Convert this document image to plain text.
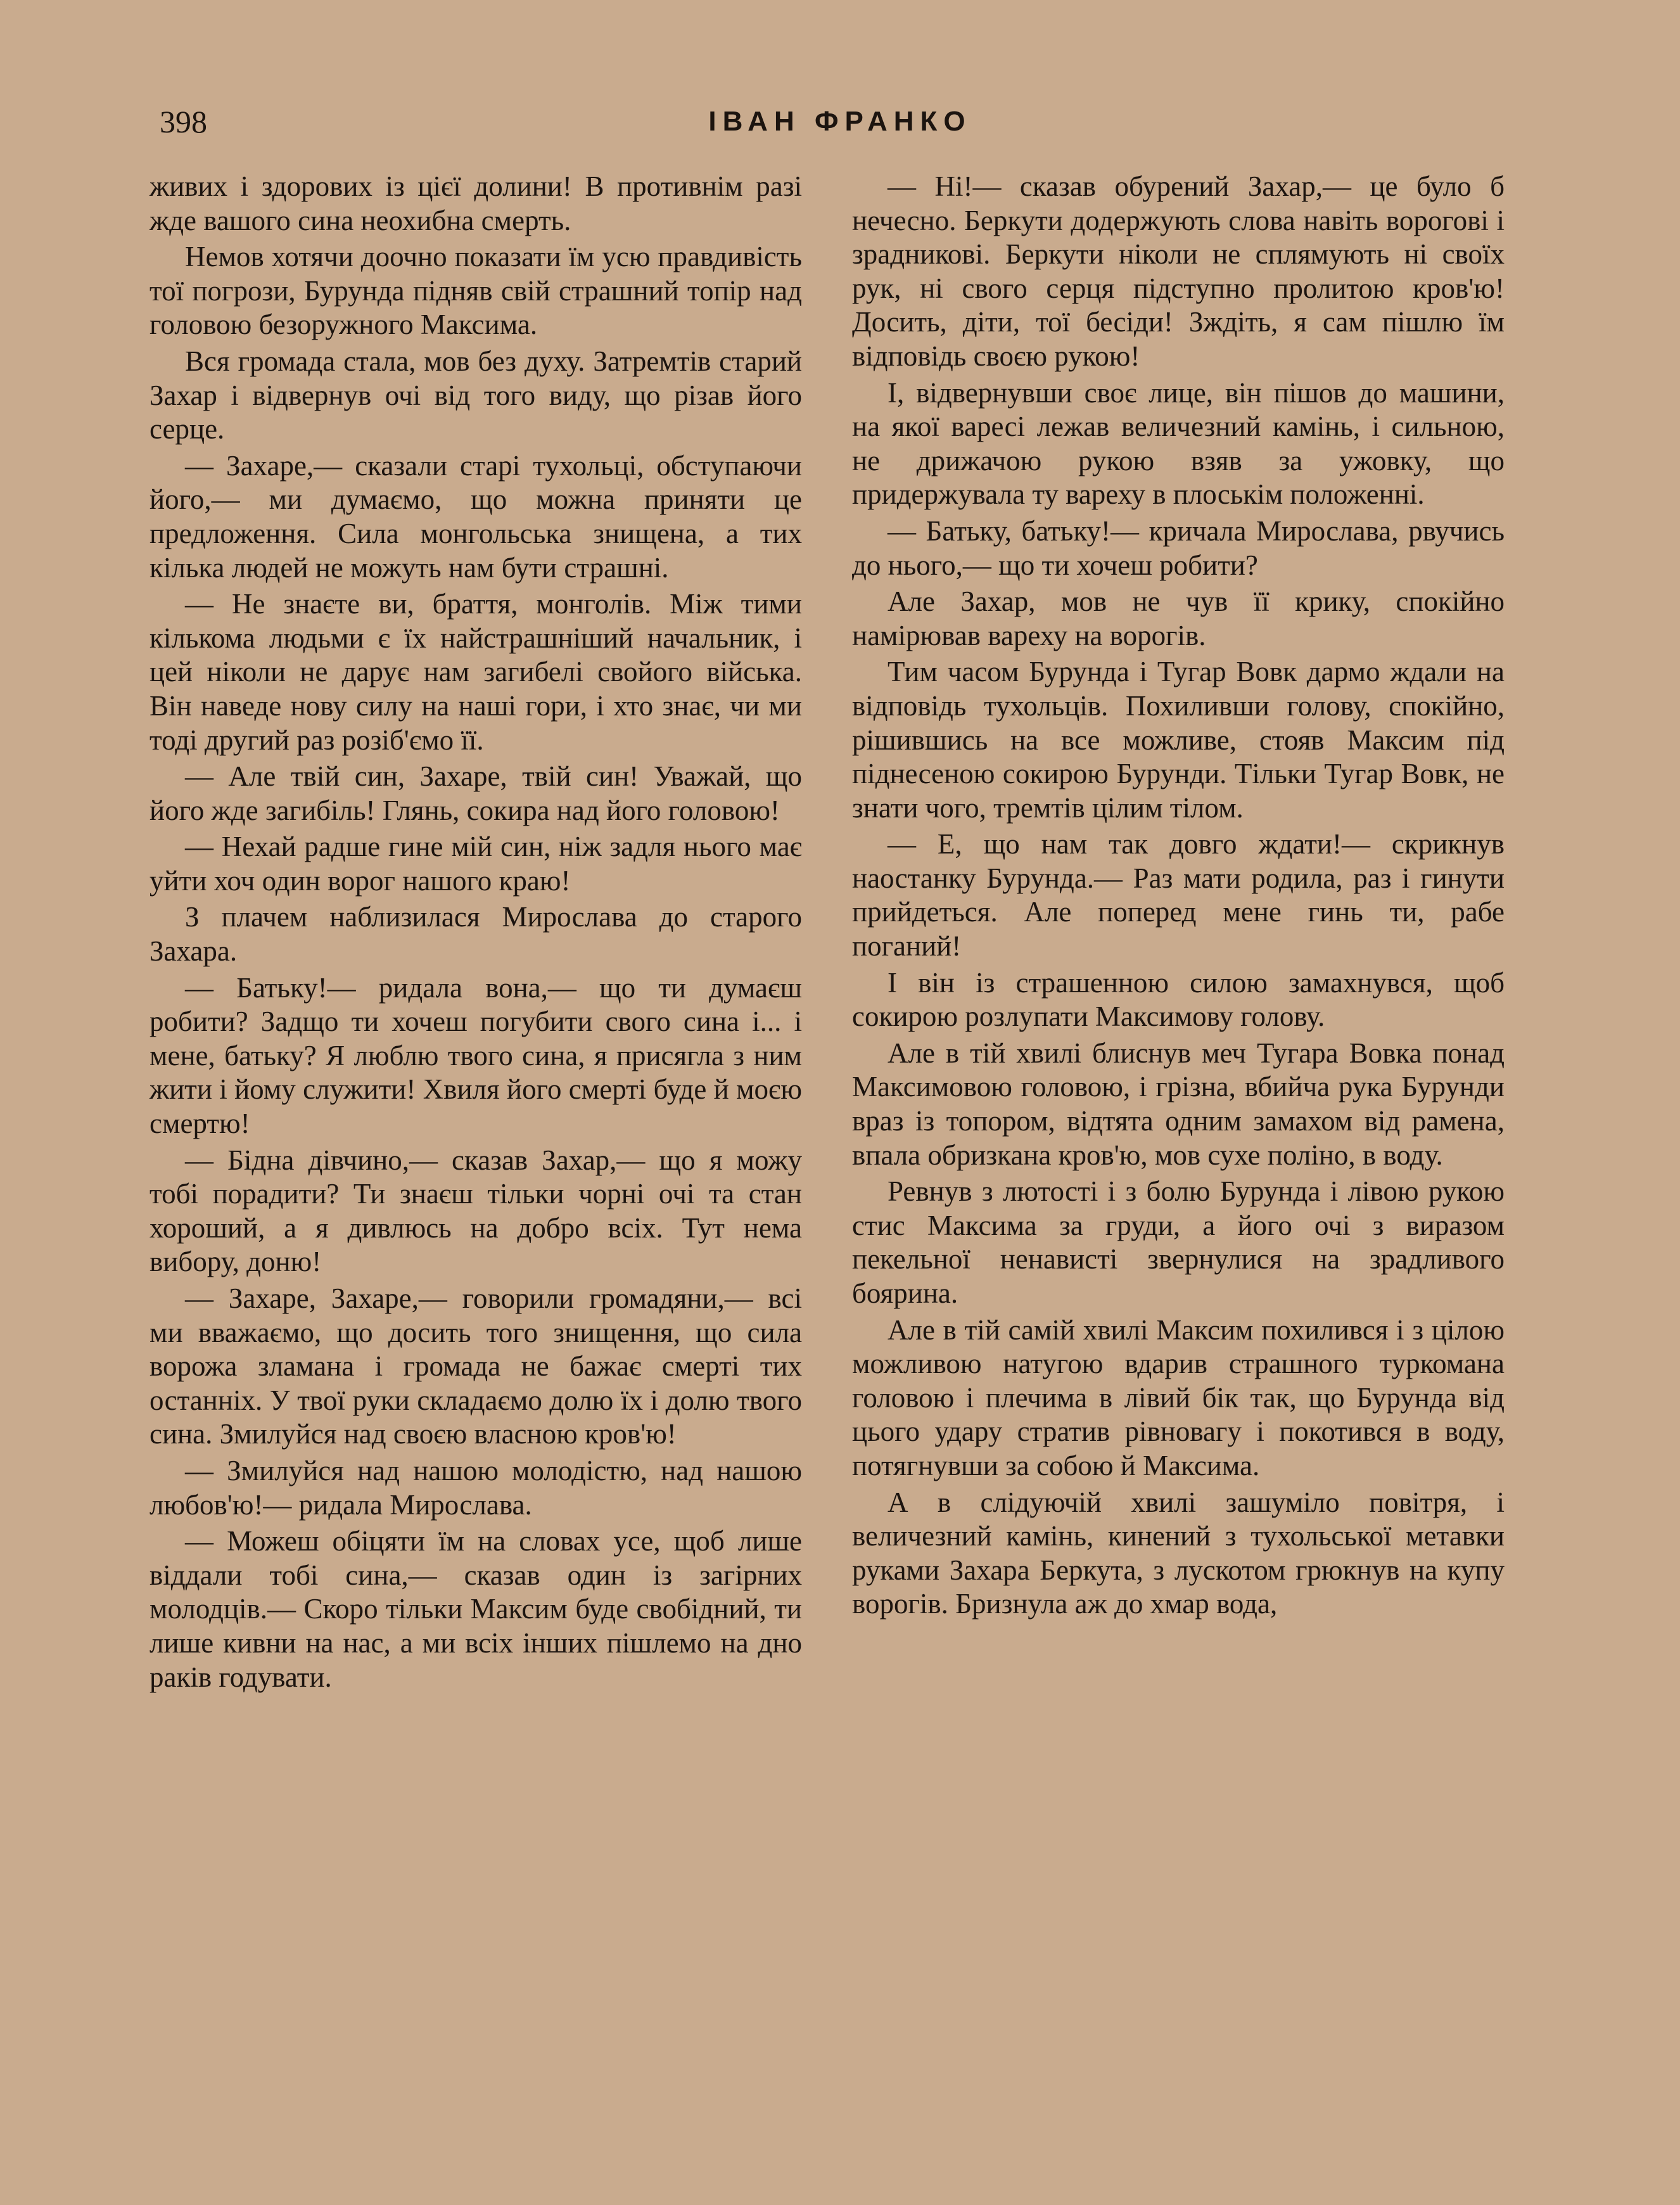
398	ІВАН ФРАНКО

живих і здорових із цієї долини! В противнім разі жде вашого сина неохибна смерть.

Немов хотячи доочно показати їм усю правдивість тої погрози, Бурунда підняв свій страшний топір над головою безоружного Максима.

Вся громада стала, мов без духу. Затремтів старий Захар і відвернув очі від того виду, що різав його серце.

— Захаре,— сказали старі тухольці, обступаючи його,— ми думаємо, що можна приняти це предложення. Сила монгольська знищена, а тих кілька людей не можуть нам бути страшні.

— Не знаєте ви, браття, монголів. Між тими кількома людьми є їх найстрашніший начальник, і цей ніколи не дарує нам загибелі свойого війська. Він наведе нову силу на наші гори, і хто знає, чи ми тоді другий раз розіб'ємо її.

— Але твій син, Захаре, твій син! Уважай, що його жде загибіль! Глянь, сокира над його головою!

— Нехай радше гине мій син, ніж задля нього має уйти хоч один ворог нашого краю!

З плачем наблизилася Мирослава до старого Захара.

— Батьку!— ридала вона,— що ти думаєш робити? Задщо ти хочеш погубити свого сина і... і мене, батьку? Я люблю твого сина, я присягла з ним жити і йому служити! Хвиля його смерті буде й моєю смертю!

— Бідна дівчино,— сказав Захар,— що я можу тобі порадити? Ти знаєш тільки чорні очі та стан хороший, а я дивлюсь на добро всіх. Тут нема вибору, доню!

— Захаре, Захаре,— говорили громадяни,— всі ми вважаємо, що досить того знищення, що сила ворожа зламана і громада не бажає смерті тих останніх. У твої руки складаємо долю їх і долю твого сина. Змилуйся над своєю власною кров'ю!

— Змилуйся над нашою молодістю, над нашою любов'ю!— ридала Мирослава.

— Можеш обіцяти їм на словах усе, щоб лише віддали тобі сина,— сказав один із загірних молодців.— Скоро тільки Максим буде свобідний, ти лише кивни на нас, а ми всіх інших пішлемо на дно раків годувати.

— Ні!— сказав обурений Захар,— це було б нечесно. Беркути додержують слова навіть ворогові і зрадникові. Беркути ніколи не сплямують ні своїх рук, ні свого серця підступно пролитою кров'ю! Досить, діти, тої бесіди! Зждіть, я сам пішлю їм відповідь своєю рукою!

І, відвернувши своє лице, він пішов до машини, на якої варесі лежав величезний камінь, і сильною, не дрижачою рукою взяв за ужовку, що придержувала ту вареху в плоськім положенні.

— Батьку, батьку!— кричала Мирослава, рвучись до нього,— що ти хочеш робити?

Але Захар, мов не чув її крику, спокійно намірював вареху на ворогів.

Тим часом Бурунда і Тугар Вовк дармо ждали на відповідь тухольців. Похиливши голову, спокійно, рішившись на все можливе, стояв Максим під піднесеною сокирою Бурунди. Тільки Тугар Вовк, не знати чого, тремтів цілим тілом.

— Е, що нам так довго ждати!— скрикнув наостанку Бурунда.— Раз мати родила, раз і гинути прийдеться. Але поперед мене гинь ти, рабе поганий!

І він із страшенною силою замахнувся, щоб сокирою розлупати Максимову голову.

Але в тій хвилі блиснув меч Тугара Вовка понад Максимовою головою, і грізна, вбийча рука Бурунди враз із топором, відтята одним замахом від рамена, впала обризкана кров'ю, мов сухе поліно, в воду.

Ревнув з лютості і з болю Бурунда і лівою рукою стис Максима за груди, а його очі з виразом пекельної ненависті звернулися на зрадливого боярина.

Але в тій самій хвилі Максим похилився і з цілою можливою натугою вдарив страшного туркомана головою і плечима в лівий бік так, що Бурунда від цього удару стратив рівновагу і покотився в воду, потягнувши за собою й Максима.

А в слідуючій хвилі зашуміло повітря, і величезний камінь, кинений з тухольської метавки руками Захара Беркута, з лускотом грюкнув на купу ворогів. Бризнула аж до хмар вода,
